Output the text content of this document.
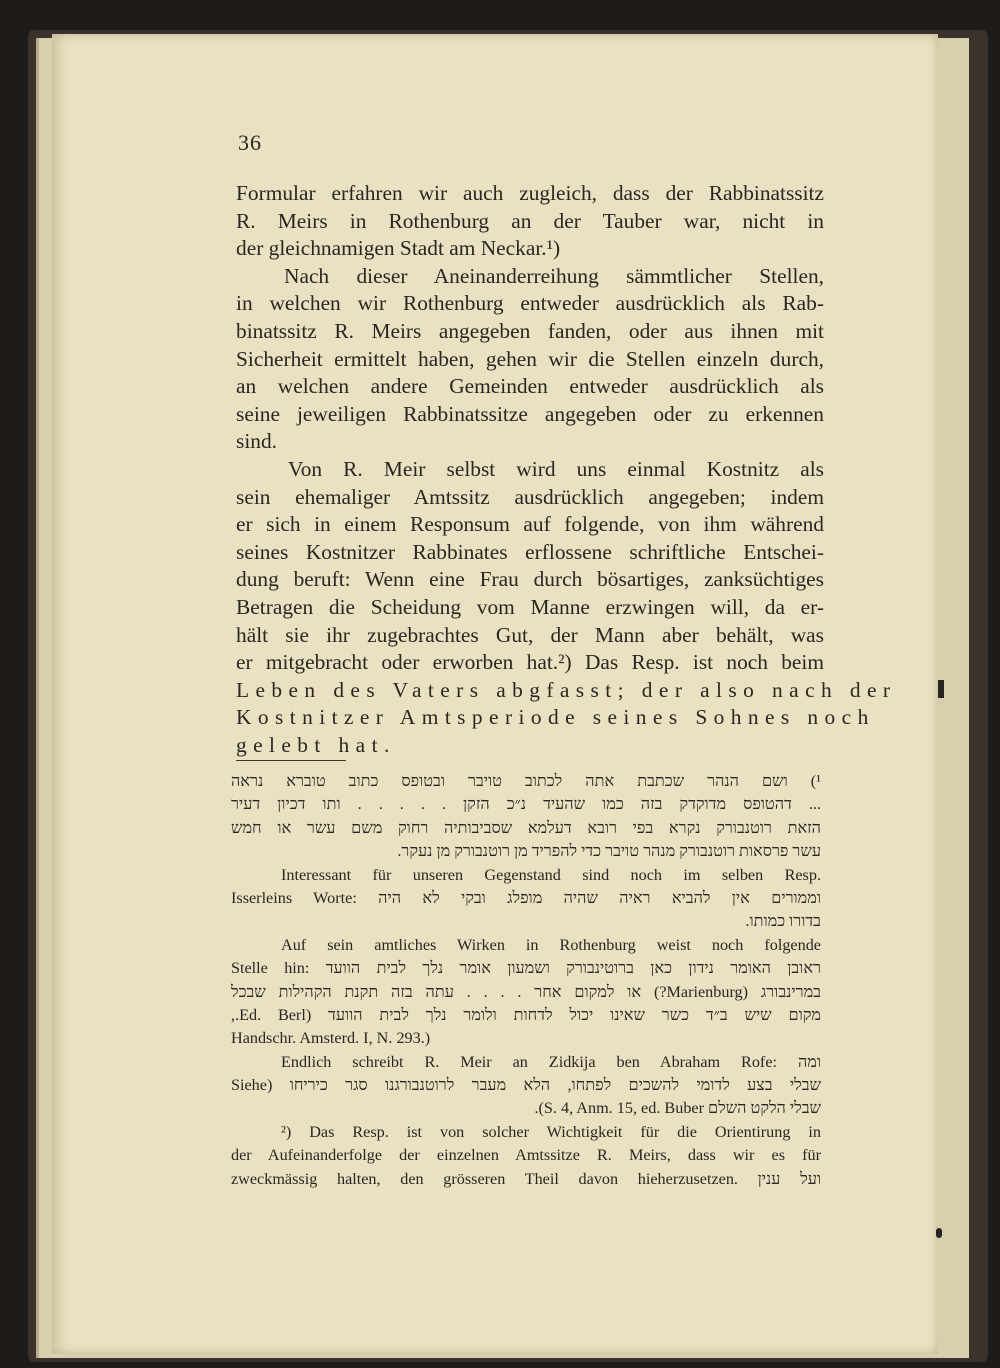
36
Formular erfahren wir auch zugleich, dass der Rabbinatssitz
R. Meirs in Rothenburg an der Tauber war, nicht in
der gleichnamigen Stadt am Neckar.¹)
Nach dieser Aneinanderreihung sämmtlicher Stellen,
in welchen wir Rothenburg entweder ausdrücklich als Rab-
binatssitz R. Meirs angegeben fanden, oder aus ihnen mit
Sicherheit ermittelt haben, gehen wir die Stellen einzeln durch,
an welchen andere Gemeinden entweder ausdrücklich als
seine jeweiligen Rabbinatssitze angegeben oder zu erkennen
sind.
Von R. Meir selbst wird uns einmal Kostnitz als
sein ehemaliger Amtssitz ausdrücklich angegeben; indem
er sich in einem Responsum auf folgende, von ihm während
seines Kostnitzer Rabbinates erflossene schriftliche Entschei-
dung beruft: Wenn eine Frau durch bösartiges, zanksüchtiges
Betragen die Scheidung vom Manne erzwingen will, da er-
hält sie ihr zugebrachtes Gut, der Mann aber behält, was
er mitgebracht oder erworben hat.²) Das Resp. ist noch beim
Leben des Vaters abgfasst; der also nach der
Kostnitzer Amtsperiode seines Sohnes noch
gelebt hat.
¹) ושם הנהר שכתבת אתה לכתוב טויבר ובטופס כתוב טוברא נראה
... דהטופס מדוקדק בזה כמו שהעיד נ״כ הזקן . . . . . ותו דכיון דעיר
הזאת רוטנבורק נקרא בפי רובא דעלמא שסביבותיה רחוק משם עשר או חמש
עשר פרסאות רוטנבורק מנהר טויבר כדי להפריד מן רוטנבורק מן נעקר.
Interessant für unseren Gegenstand sind noch im selben Resp.
Isserleins Worte: וממורים אין להביא ראיה שהיה מופלג ובקי לא היה
בדורו כמותו.
Auf sein amtliches Wirken in Rothenburg weist noch folgende
Stelle hin: ראובן האומר נידון כאן ברוטינבורק ושמעון אומר נלך לבית הוועד
במרינבורג (Marienburg?) או למקום אחר . . . . עתה בזה תקנת הקהילות שבכל
מקום שיש ב״ד כשר שאינו יכול לדחות ולומר נלך לבית הוועד (Ed. Berl.,
Handschr. Amsterd. I, N. 293.)
Endlich schreibt R. Meir an Zidkija ben Abraham Rofe: ומה
שבלי בצע לדומי להשכים לפתחו, הלא מעבר לרוטנבורגנו סגר כיריחו (Siehe
שבלי הלקט השלם S. 4, Anm. 15, ed. Buber).
²) Das Resp. ist von solcher Wichtigkeit für die Orientirung in
der Aufeinanderfolge der einzelnen Amtssitze R. Meirs, dass wir es für
zweckmässig halten, den grösseren Theil davon hieherzusetzen. ועל ענין
